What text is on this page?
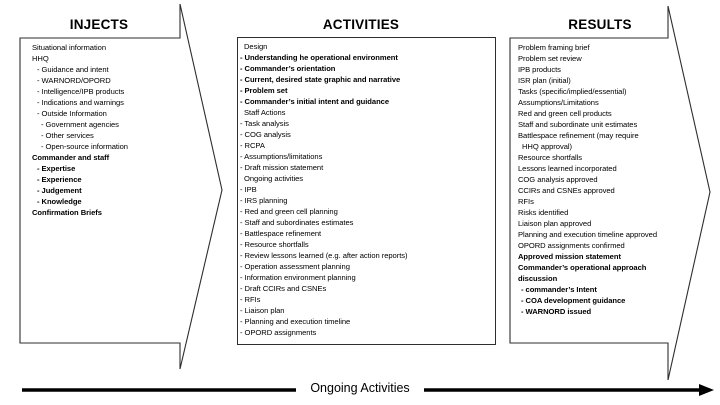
INJECTS	ACTIVITIES	RESULTS
Situational information
HHQ
- Guidance and intent
- WARNORD/OPORD
- Intelligence/IPB products
- Indications and warnings
- Outside Information
- Government agencies
- Other services
- Open-source information
Commander and staff
- Expertise
- Experience
- Judgement
- Knowledge
Confirmation Briefs
Design
- Understanding he operational environment
- Commander’s orientation
- Current, desired state graphic and narrative
- Problem set
- Commander’s initial intent and guidance
Staff Actions
- Task analysis
- COG analysis
- RCPA
- Assumptions/limitations
- Draft mission statement
Ongoing activities
- IPB
- IRS planning
- Red and green cell planning
- Staff and subordinates estimates
- Battlespace refinement
- Resource shortfalls
- Review lessons learned (e.g. after action reports)
- Operation assessment planning
- Information environment planning
- Draft CCIRs and CSNEs
- RFIs
- Liaison plan
- Planning and execution timeline
- OPORD assignments
Problem framing brief
Problem set review
IPB products
ISR plan (initial)
Tasks (specific/implied/essential)
Assumptions/Limitations
Red and green cell products
Staff and subordinate unit estimates
Battlespace refinement (may require
HHQ approval)
Resource shortfalls
Lessons learned incorporated
COG analysis approved
CCIRs and CSNEs approved
RFIs
Risks identified
Liaison plan approved
Planning and execution timeline approved
OPORD assignments confirmed
Approved mission statement
Commander’s operational approach
discussion
- commander’s Intent
- COA development guidance
- WARNORD issued
Ongoing Activities
